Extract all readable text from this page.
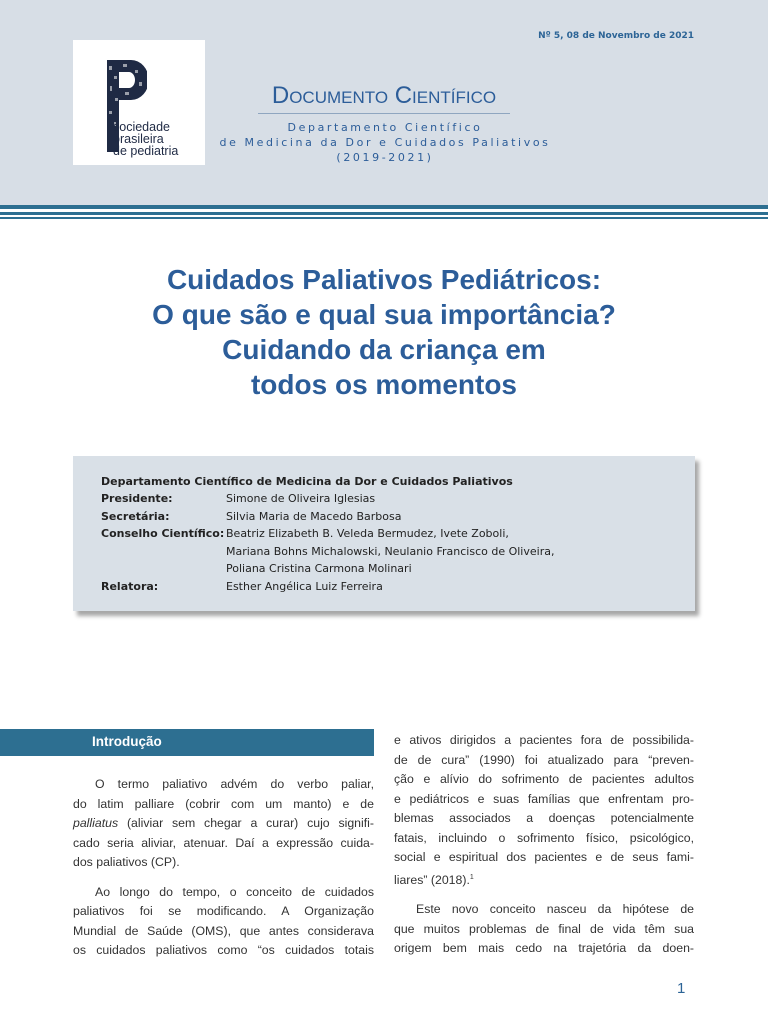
sociedade
brasileira
de pediatria
Nº 5, 08 de Novembro de 2021
Documento Científico
Departamento Científico
de Medicina da Dor e Cuidados Paliativos
(2019-2021)
Cuidados Paliativos Pediátricos:
O que são e qual sua importância?
Cuidando da criança em
todos os momentos
Departamento Científico de Medicina da Dor e Cuidados Paliativos
Presidente:	Simone de Oliveira Iglesias
Secretária:	Silvia Maria de Macedo Barbosa
Conselho Científico: Beatriz Elizabeth B. Veleda Bermudez, Ivete Zoboli,
Mariana Bohns Michalowski, Neulanio Francisco de Oliveira,
Poliana Cristina Carmona Molinari
Relatora:	Esther Angélica Luiz Ferreira
Introdução

O termo paliativo advém do verbo paliar,
do latim palliare (cobrir com um manto) e de
palliatus (aliviar sem chegar a curar) cujo signifi-
cado seria aliviar, atenuar. Daí a expressão cuida-
dos paliativos (CP).

Ao longo do tempo, o conceito de cuidados
paliativos foi se modificando. A Organização
Mundial de Saúde (OMS), que antes considerava
os cuidados paliativos como “os cuidados totais

e ativos dirigidos a pacientes fora de possibilida-
de de cura” (1990) foi atualizado para “preven-
ção e alívio do sofrimento de pacientes adultos
e pediátricos e suas famílias que enfrentam pro-
blemas associados a doenças potencialmente
fatais, incluindo o sofrimento físico, psicológico,
social e espiritual dos pacientes e de seus fami-
liares” (2018).$^1$

Este novo conceito nasceu da hipótese de
que muitos problemas de final de vida têm sua
origem bem mais cedo na trajetória da doen-

1
